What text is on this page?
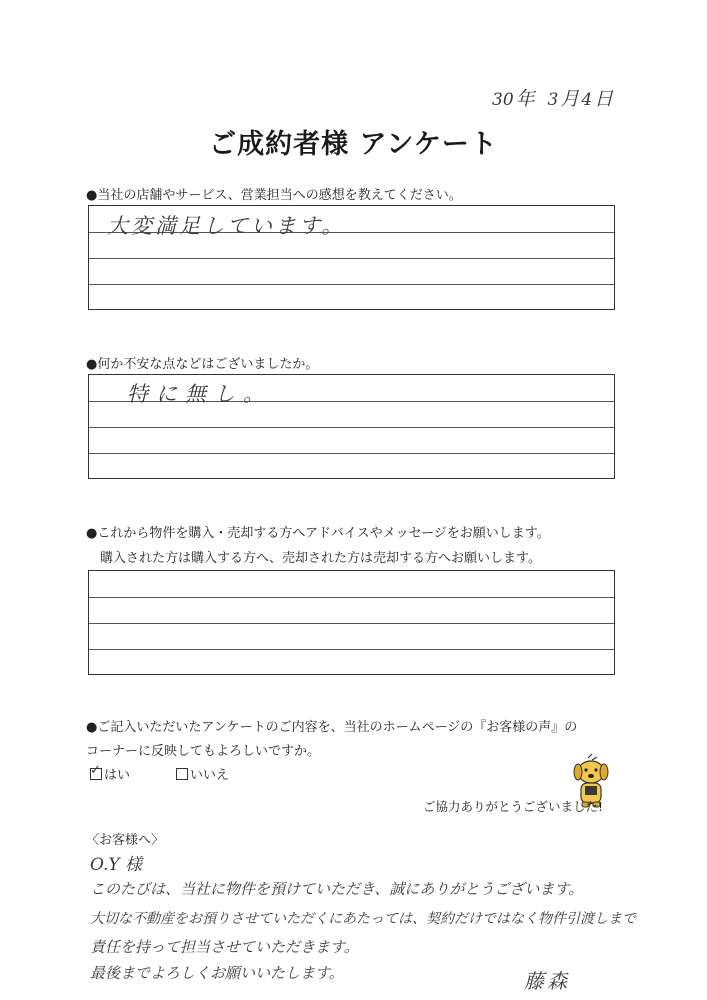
30 年 3 月 4 日
ご成約者様 アンケート
●当社の店舗やサービス、営業担当への感想を教えてください。
大変満足しています。
●何か不安な点などはございましたか。
特に無し。
●これから物件を購入・売却する方へアドバイスやメッセージをお願いします。
購入された方は購入する方へ、売却された方は売却する方へお願いします。
●ご記入いただいたアンケートのご内容を、当社のホームページの『お客様の声』の
コーナーに反映してもよろしいですか。
✓ はい	いいえ
ご協力ありがとうございました!
〈お客様へ〉
O.Y 様
このたびは、当社に物件を預けていただき、誠にありがとうございます。
大切な不動産をお預りさせていただくにあたっては、契約だけではなく物件引渡しまで
責任を持って担当させていただきます。
最後までよろしくお願いいたします。	藤森
